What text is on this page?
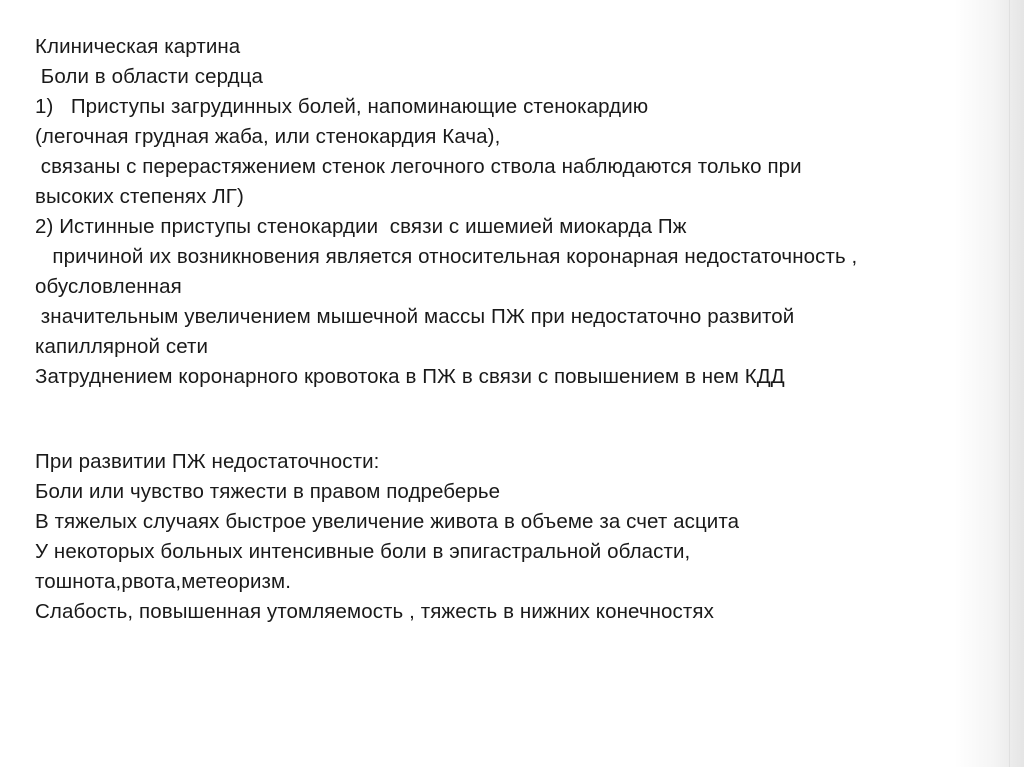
Клиническая картина
Боли в области сердца
1)   Приступы загрудинных болей, напоминающие стенокардию
(легочная грудная жаба, или стенокардия Кача),
связаны с перерастяжением стенок легочного ствола наблюдаются только при
высоких степенях ЛГ)
2) Истинные приступы стенокардии  связи с ишемией миокарда Пж
причиной их возникновения является относительная коронарная недостаточность ,
обусловленная
значительным увеличением мышечной массы ПЖ при недостаточно развитой
капиллярной сети
Затруднением коронарного кровотока в ПЖ в связи с повышением в нем КДД
При развитии ПЖ недостаточности:
Боли или чувство тяжести в правом подреберье
В тяжелых случаях быстрое увеличение живота в объеме за счет асцита
У некоторых больных интенсивные боли в эпигастральной области,
тошнота,рвота,метеоризм.
Слабость, повышенная утомляемость , тяжесть в нижних конечностях
